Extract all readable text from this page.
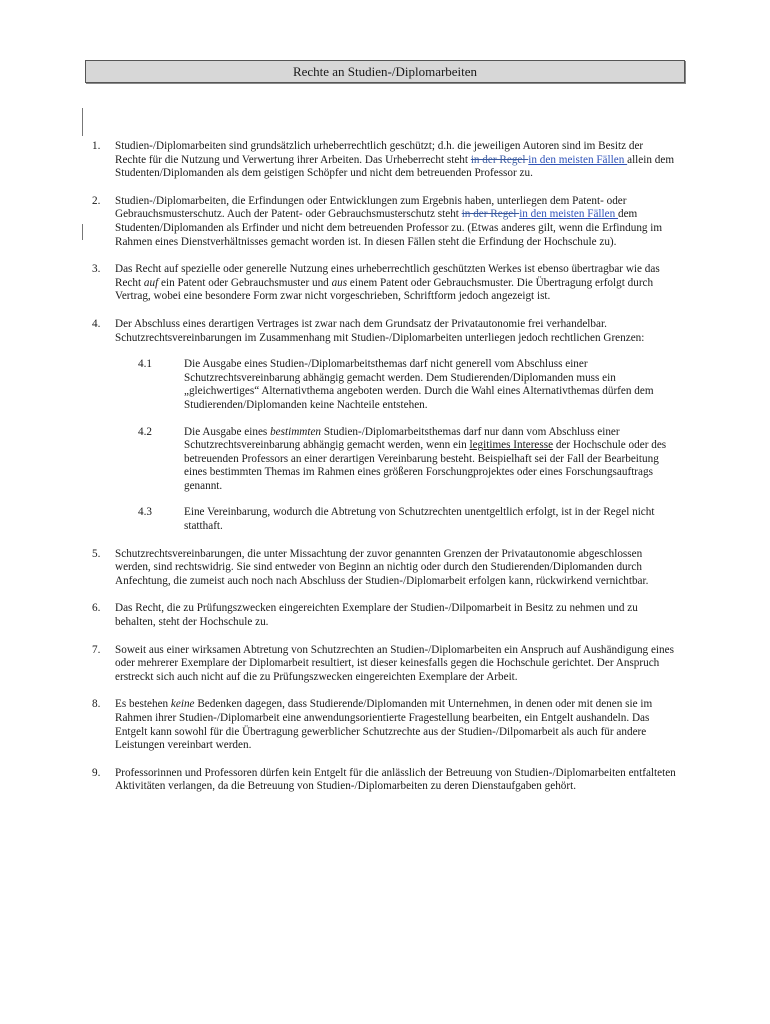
Rechte an Studien-/Diplomarbeiten
1. Studien-/Diplomarbeiten sind grundsätzlich urheberrechtlich geschützt; d.h. die jeweiligen Autoren sind im Besitz der Rechte für die Nutzung und Verwertung ihrer Arbeiten. Das Urheberrecht steht in der Regel in den meisten Fällen allein dem Studenten/Diplomanden als dem geistigen Schöpfer und nicht dem betreuenden Professor zu.
2. Studien-/Diplomarbeiten, die Erfindungen oder Entwicklungen zum Ergebnis haben, unterliegen dem Patent- oder Gebrauchsmusterschutz. Auch der Patent- oder Gebrauchsmusterschutz steht in der Regel in den meisten Fällen dem Studenten/Diplomanden als Erfinder und nicht dem betreuenden Professor zu. (Etwas anderes gilt, wenn die Erfindung im Rahmen eines Dienstverhältnisses gemacht worden ist. In diesen Fällen steht die Erfindung der Hochschule zu).
3. Das Recht auf spezielle oder generelle Nutzung eines urheberrechtlich geschützten Werkes ist ebenso übertragbar wie das Recht auf ein Patent oder Gebrauchsmuster und aus einem Patent oder Gebrauchsmuster. Die Übertragung erfolgt durch Vertrag, wobei eine besondere Form zwar nicht vorgeschrieben, Schriftform jedoch angezeigt ist.
4. Der Abschluss eines derartigen Vertrages ist zwar nach dem Grundsatz der Privatautonomie frei verhandelbar. Schutzrechtsvereinbarungen im Zusammenhang mit Studien-/Diplomarbeiten unterliegen jedoch rechtlichen Grenzen:
4.1	Die Ausgabe eines Studien-/Diplomarbeitsthemas darf nicht generell vom Abschluss einer Schutzrechtsvereinbarung abhängig gemacht werden. Dem Studierenden/Diplomanden muss ein „gleichwertiges“ Alternativthema angeboten werden. Durch die Wahl eines Alternativthemas dürfen dem Studierenden/Diplomanden keine Nachteile entstehen.
4.2	Die Ausgabe eines bestimmten Studien-/Diplomarbeitsthemas darf nur dann vom Abschluss einer Schutzrechtsvereinbarung abhängig gemacht werden, wenn ein legitimes Interesse der Hochschule oder des betreuenden Professors an einer derartigen Vereinbarung besteht. Beispielhaft sei der Fall der Bearbeitung eines bestimmten Themas im Rahmen eines größeren Forschungprojektes oder eines Forschungsauftrags genannt.
4.3	Eine Vereinbarung, wodurch die Abtretung von Schutzrechten unentgeltlich erfolgt, ist in der Regel nicht statthaft.
5. Schutzrechtsvereinbarungen, die unter Missachtung der zuvor genannten Grenzen der Privatautonomie abgeschlossen werden, sind rechtswidrig. Sie sind entweder von Beginn an nichtig oder durch den Studierenden/Diplomanden durch Anfechtung, die zumeist auch noch nach Abschluss der Studien-/Diplomarbeit erfolgen kann, rückwirkend vernichtbar.
6. Das Recht, die zu Prüfungszwecken eingereichten Exemplare der Studien-/Dilpomarbeit in Besitz zu nehmen und zu behalten, steht der Hochschule zu.
7. Soweit aus einer wirksamen Abtretung von Schutzrechten an Studien-/Diplomarbeiten ein Anspruch auf Aushändigung eines oder mehrerer Exemplare der Diplomarbeit resultiert, ist dieser keinesfalls gegen die Hochschule gerichtet. Der Anspruch erstreckt sich auch nicht auf die zu Prüfungszwecken eingereichten Exemplare der Arbeit.
8. Es bestehen keine Bedenken dagegen, dass Studierende/Diplomanden mit Unternehmen, in denen oder mit denen sie im Rahmen ihrer Studien-/Diplomarbeit eine anwendungsorientierte Fragestellung bearbeiten, ein Entgelt aushandeln. Das Entgelt kann sowohl für die Übertragung gewerblicher Schutzrechte aus der Studien-/Dilpomarbeit als auch für andere Leistungen vereinbart werden.
9. Professorinnen und Professoren dürfen kein Entgelt für die anlässlich der Betreuung von Studien-/Diplomarbeiten entfalteten Aktivitäten verlangen, da die Betreuung von Studien-/Diplomarbeiten zu deren Dienstaufgaben gehört.
